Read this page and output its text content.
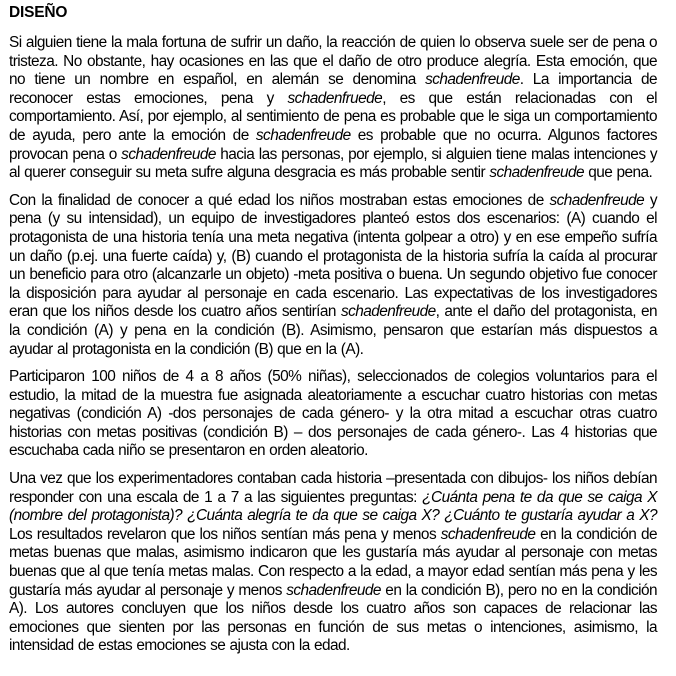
DISEÑO

Si alguien tiene la mala fortuna de sufrir un daño, la reacción de quien lo observa suele ser de pena o tristeza. No obstante, hay ocasiones en las que el daño de otro produce alegría. Esta emoción, que no tiene un nombre en español, en alemán se denomina schadenfreude. La importancia de reconocer estas emociones, pena y schadenfruede, es que están relacionadas con el comportamiento. Así, por ejemplo, al sentimiento de pena es probable que le siga un comportamiento de ayuda, pero ante la emoción de schadenfreude es probable que no ocurra. Algunos factores provocan pena o schadenfreude hacia las personas, por ejemplo, si alguien tiene malas intenciones y al querer conseguir su meta sufre alguna desgracia es más probable sentir schadenfreude que pena.

Con la finalidad de conocer a qué edad los niños mostraban estas emociones de schadenfreude y pena (y su intensidad), un equipo de investigadores planteó estos dos escenarios: (A) cuando el protagonista de una historia tenía una meta negativa (intenta golpear a otro) y en ese empeño sufría un daño (p.ej. una fuerte caída) y, (B) cuando el protagonista de la historia sufría la caída al procurar un beneficio para otro (alcanzarle un objeto) -meta positiva o buena. Un segundo objetivo fue conocer la disposición para ayudar al personaje en cada escenario. Las expectativas de los investigadores eran que los niños desde los cuatro años sentirían schadenfreude, ante el daño del protagonista, en la condición (A) y pena en la condición (B). Asimismo, pensaron que estarían más dispuestos a ayudar al protagonista en la condición (B) que en la (A).

Participaron 100 niños de 4 a 8 años (50% niñas), seleccionados de colegios voluntarios para el estudio, la mitad de la muestra fue asignada aleatoriamente a escuchar cuatro historias con metas negativas (condición A) -dos personajes de cada género- y la otra mitad a escuchar otras cuatro historias con metas positivas (condición B) – dos personajes de cada género-. Las 4 historias que escuchaba cada niño se presentaron en orden aleatorio.

Una vez que los experimentadores contaban cada historia –presentada con dibujos- los niños debían responder con una escala de 1 a 7 a las siguientes preguntas: ¿Cuánta pena te da que se caiga X (nombre del protagonista)? ¿Cuánta alegría te da que se caiga X? ¿Cuánto te gustaría ayudar a X? Los resultados revelaron que los niños sentían más pena y menos schadenfreude en la condición de metas buenas que malas, asimismo indicaron que les gustaría más ayudar al personaje con metas buenas que al que tenía metas malas. Con respecto a la edad, a mayor edad sentían más pena y les gustaría más ayudar al personaje y menos schadenfreude en la condición B), pero no en la condición A). Los autores concluyen que los niños desde los cuatro años son capaces de relacionar las emociones que sienten por las personas en función de sus metas o intenciones, asimismo, la intensidad de estas emociones se ajusta con la edad.
